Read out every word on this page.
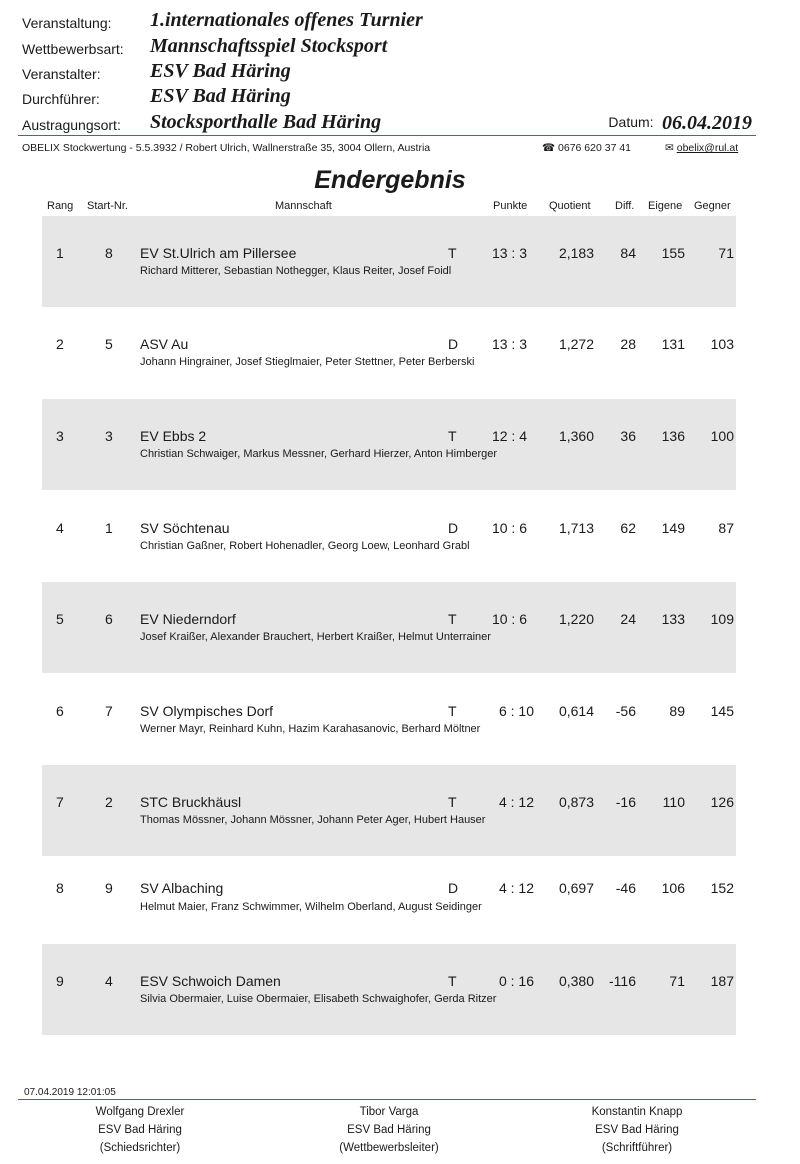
Veranstaltung: 1.internationales offenes Turnier
Wettbewerbsart: Mannschaftsspiel Stocksport
Veranstalter: ESV Bad Häring
Durchführer:	ESV Bad Häring
Austragungsort: Stocksporthalle Bad Häring	Datum: 06.04.2019
OBELIX Stockwertung - 5.5.3932 / Robert Ulrich, Wallnerstraße 35, 3004 Ollern, Austria	☎ 0676 620 37 41	✉ obelix@rul.at
Endergebnis
Rang Start-Nr.	Mannschaft	Punkte Quotient Diff. Eigene Gegner
1	8 EV St.Ulrich am Pillersee	T	13 : 3 2,183 84 155 71
Richard Mitterer, Sebastian Nothegger, Klaus Reiter, Josef Foidl
2	5 ASV Au	D 13 : 3 1,272 28 131 103
Johann Hingrainer, Josef Stieglmaier, Peter Stettner, Peter Berberski
3	3 EV Ebbs 2	T	12 : 4 1,360 36 136 100
Christian Schwaiger, Markus Messner, Gerhard Hierzer, Anton Himberger
4	1 SV Söchtenau	D 10 : 6 1,713 62 149 87
Christian Gaßner, Robert Hohenadler, Georg Loew, Leonhard Grabl
5	6 EV Niederndorf	T	10 : 6 1,220 24 133 109
Josef Kraißer, Alexander Brauchert, Herbert Kraißer, Helmut Unterrainer
6	7 SV Olympisches Dorf	T	6 : 10 0,614 -56 89 145
Werner Mayr, Reinhard Kuhn, Hazim Karahasanovic, Berhard Möltner
7	2 STC Bruckhäusl	T	4 : 12 0,873 -16 110 126
Thomas Mössner, Johann Mössner, Johann Peter Ager, Hubert Hauser
8	9 SV Albaching	D	4 : 12 0,697 -46 106 152
Helmut Maier, Franz Schwimmer, Wilhelm Oberland, August Seidinger
9	4 ESV Schwoich Damen	T	0 : 16 0,380 -116 71 187
Silvia Obermaier, Luise Obermaier, Elisabeth Schwaighofer, Gerda Ritzer
07.04.2019 12:01:05
Wolfgang Drexler
ESV Bad Häring
(Schiedsrichter)
Tibor Varga
ESV Bad Häring
(Wettbewerbsleiter)
Konstantin Knapp
ESV Bad Häring
(Schriftführer)
